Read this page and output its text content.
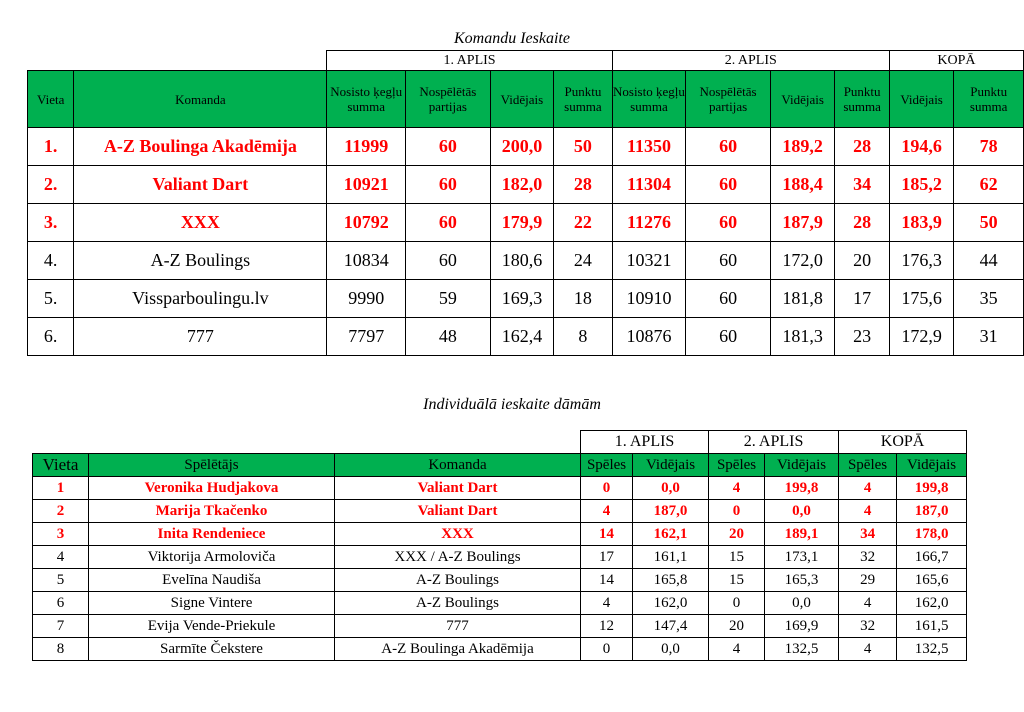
Komandu Ieskaite
		1. APLIS				2. APLIS				KOPĀ	
Vieta	Komanda	Nosisto ķegļu summa	Nospēlētās partijas	Vidējais	Punktu summa	Nosisto ķegļu summa	Nospēlētās partijas	Vidējais	Punktu summa	Vidējais	Punktu summa
1.	A-Z Boulinga Akadēmija	11999	60	200,0	50	11350	60	189,2	28	194,6	78
2.	Valiant Dart	10921	60	182,0	28	11304	60	188,4	34	185,2	62
3.	XXX	10792	60	179,9	22	11276	60	187,9	28	183,9	50
4.	A-Z Boulings	10834	60	180,6	24	10321	60	172,0	20	176,3	44
5.	Vissparboulingu.lv	9990	59	169,3	18	10910	60	181,8	17	175,6	35
6.	777	7797	48	162,4	8	10876	60	181,3	23	172,9	31
Individuālā ieskaite dāmām
			1. APLIS		2. APLIS		KOPĀ	
Vieta	Spēlētājs	Komanda	Spēles	Vidējais	Spēles	Vidējais	Spēles	Vidējais
1	Veronika Hudjakova	Valiant Dart	0	0,0	4	199,8	4	199,8
2	Marija Tkačenko	Valiant Dart	4	187,0	0	0,0	4	187,0
3	Inita Rendeniece	XXX	14	162,1	20	189,1	34	178,0
4	Viktorija Armoloviča	XXX / A-Z Boulings	17	161,1	15	173,1	32	166,7
5	Evelīna Naudiša	A-Z Boulings	14	165,8	15	165,3	29	165,6
6	Signe Vintere	A-Z Boulings	4	162,0	0	0,0	4	162,0
7	Evija Vende-Priekule	777	12	147,4	20	169,9	32	161,5
8	Sarmīte Čekstere	A-Z Boulinga Akadēmija	0	0,0	4	132,5	4	132,5
